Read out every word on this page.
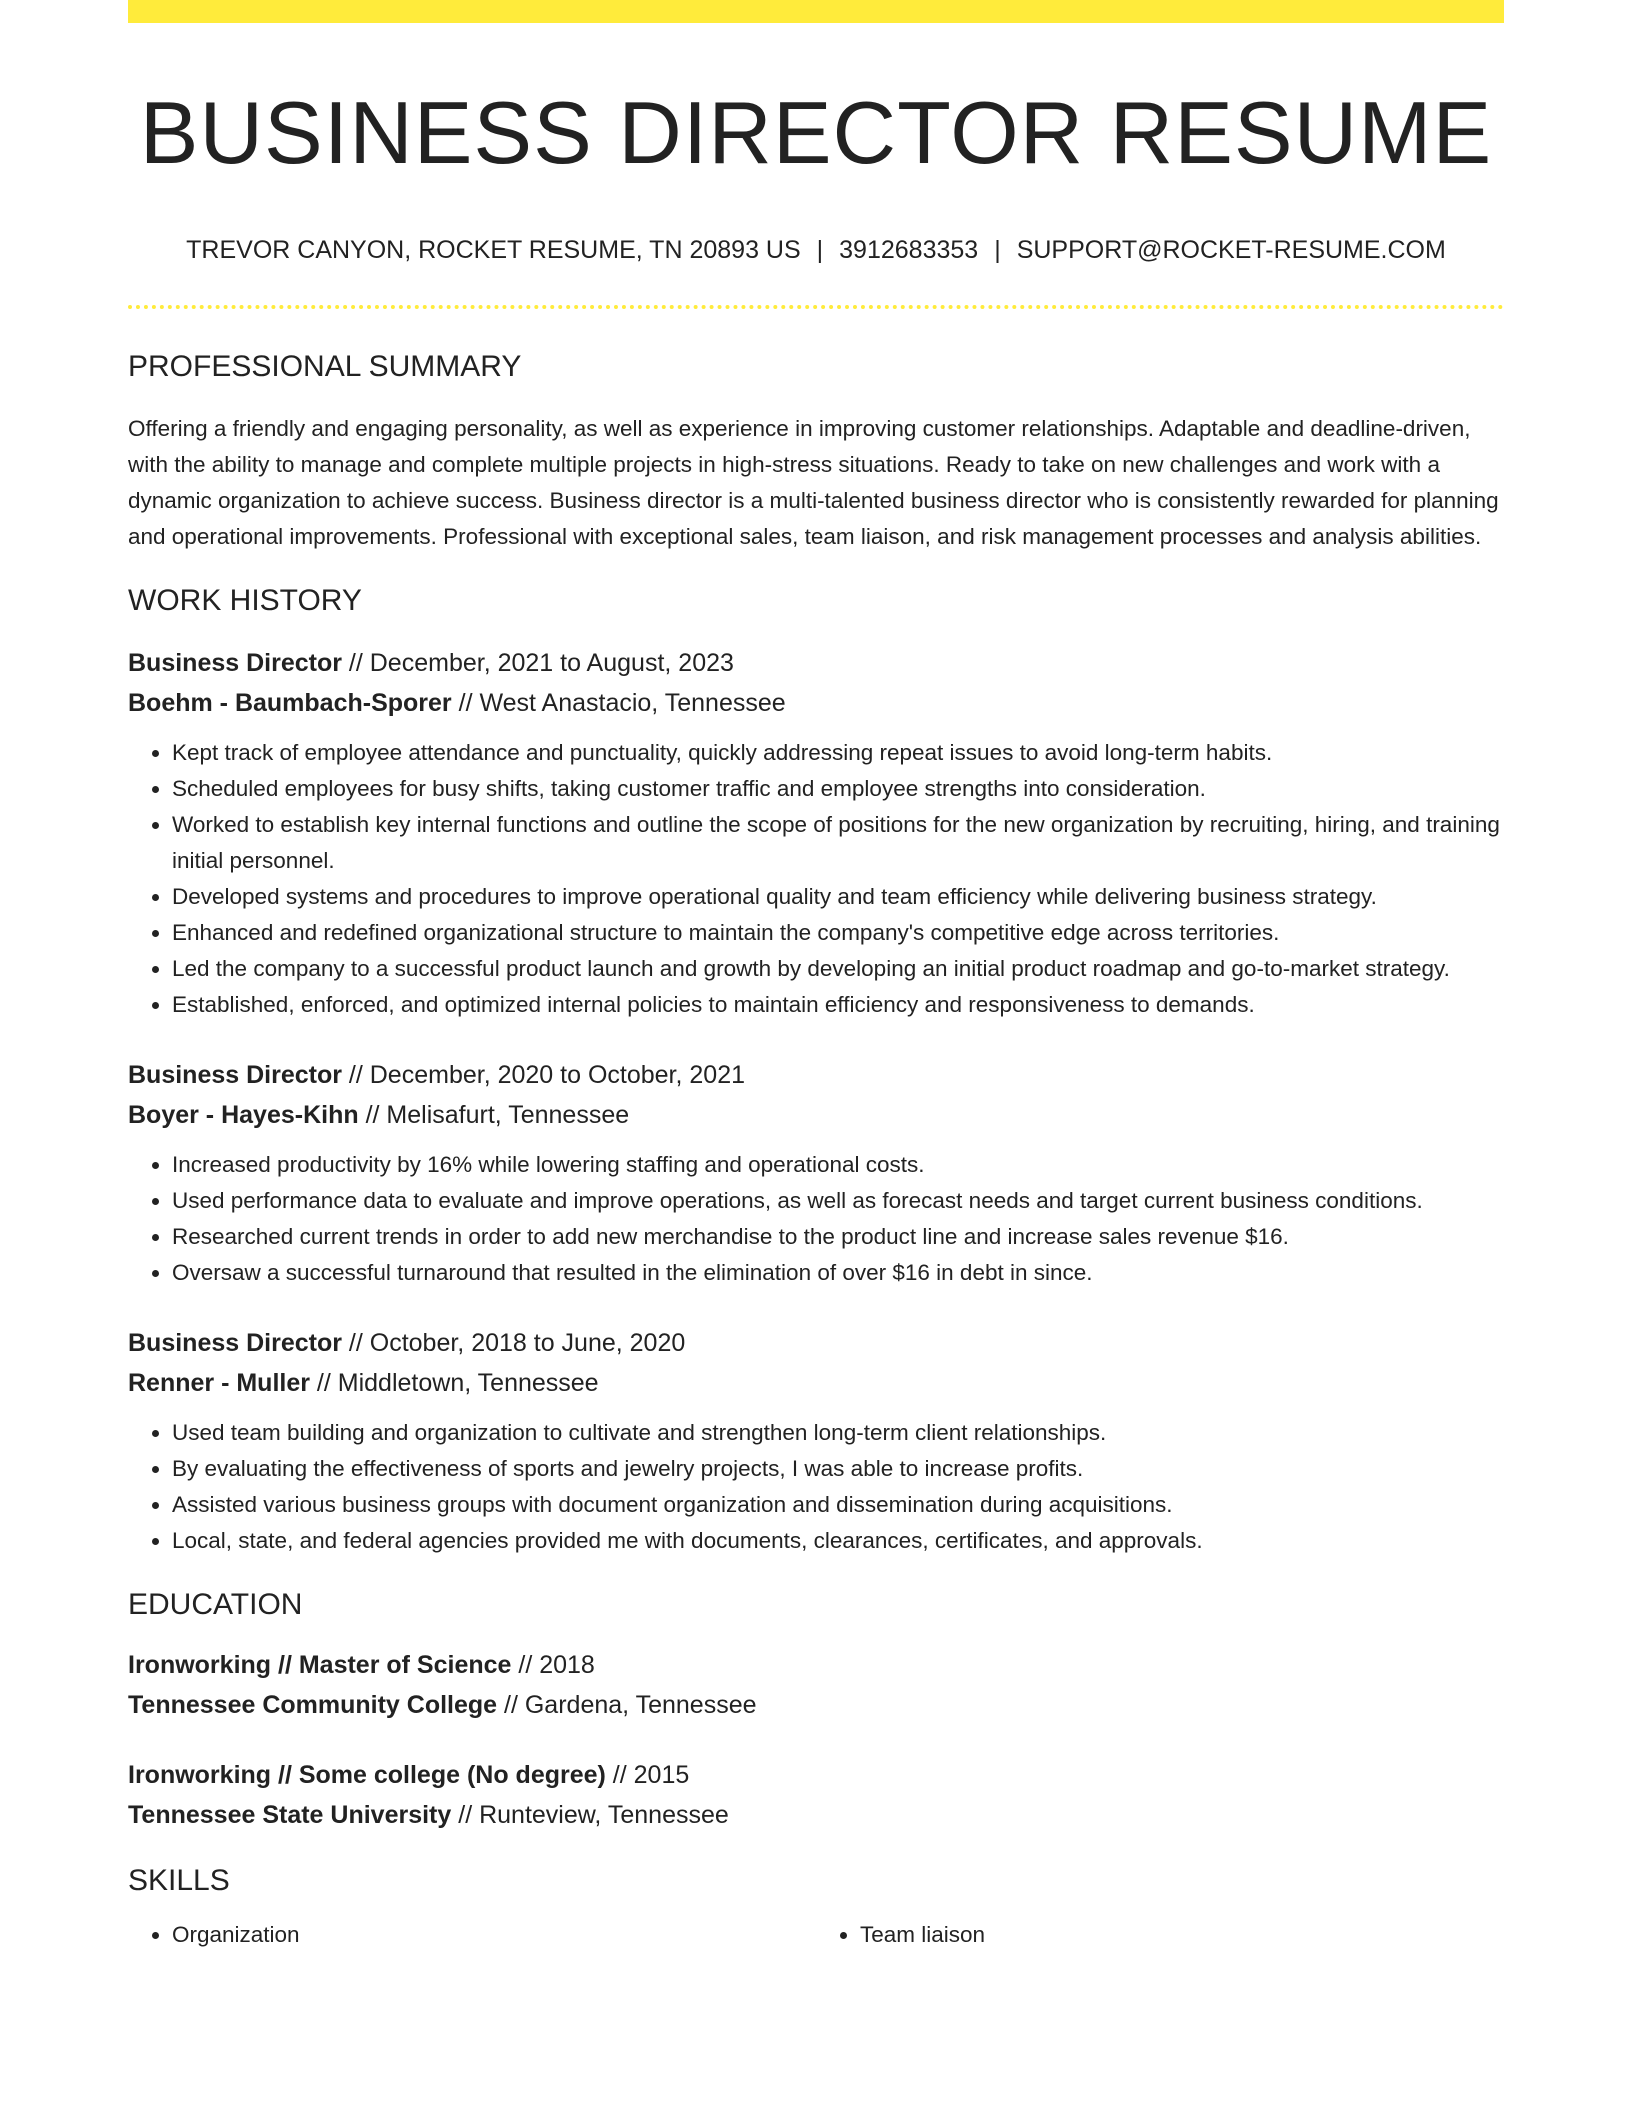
BUSINESS DIRECTOR RESUME
TREVOR CANYON, ROCKET RESUME, TN 20893 US | 3912683353 | SUPPORT@ROCKET-RESUME.COM
PROFESSIONAL SUMMARY
Offering a friendly and engaging personality, as well as experience in improving customer relationships. Adaptable and deadline-driven, with the ability to manage and complete multiple projects in high-stress situations. Ready to take on new challenges and work with a dynamic organization to achieve success. Business director is a multi-talented business director who is consistently rewarded for planning and operational improvements. Professional with exceptional sales, team liaison, and risk management processes and analysis abilities.
WORK HISTORY
Business Director // December, 2021 to August, 2023
Boehm - Baumbach-Sporer // West Anastacio, Tennessee
• Kept track of employee attendance and punctuality, quickly addressing repeat issues to avoid long-term habits.
• Scheduled employees for busy shifts, taking customer traffic and employee strengths into consideration.
• Worked to establish key internal functions and outline the scope of positions for the new organization by recruiting, hiring, and training initial personnel.
• Developed systems and procedures to improve operational quality and team efficiency while delivering business strategy.
• Enhanced and redefined organizational structure to maintain the company's competitive edge across territories.
• Led the company to a successful product launch and growth by developing an initial product roadmap and go-to-market strategy.
• Established, enforced, and optimized internal policies to maintain efficiency and responsiveness to demands.
Business Director // December, 2020 to October, 2021
Boyer - Hayes-Kihn // Melisafurt, Tennessee
• Increased productivity by 16% while lowering staffing and operational costs.
• Used performance data to evaluate and improve operations, as well as forecast needs and target current business conditions.
• Researched current trends in order to add new merchandise to the product line and increase sales revenue $16.
• Oversaw a successful turnaround that resulted in the elimination of over $16 in debt in since.
Business Director // October, 2018 to June, 2020
Renner - Muller // Middletown, Tennessee
• Used team building and organization to cultivate and strengthen long-term client relationships.
• By evaluating the effectiveness of sports and jewelry projects, I was able to increase profits.
• Assisted various business groups with document organization and dissemination during acquisitions.
• Local, state, and federal agencies provided me with documents, clearances, certificates, and approvals.
EDUCATION
Ironworking // Master of Science // 2018
Tennessee Community College // Gardena, Tennessee
Ironworking // Some college (No degree) // 2015
Tennessee State University // Runteview, Tennessee
SKILLS
• Organization
•	Team liaison
